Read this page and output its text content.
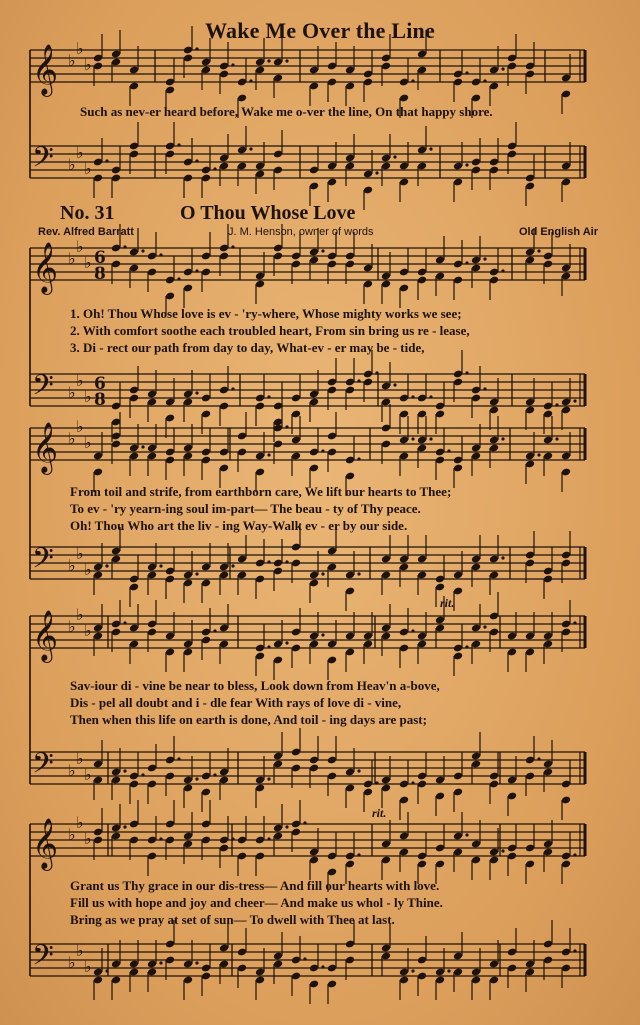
Wake Me Over the Line
Such as nev-er heard before, Wake me o-ver the line, On that happy shore.
No. 31	O Thou Whose Love
Rev. Alfred Barratt	J. M. Henson, owner of words	Old English Air
1. Oh! Thou Whose love is ev - 'ry-where, Whose mighty works we see;
2. With comfort soothe each troubled heart, From sin bring us re - lease,
3. Di - rect our path from day to day, What-ev - er may be - tide,
From toil and strife, from earthborn care, We lift our hearts to Thee;
To ev - 'ry yearn-ing soul im-part— The beau - ty of Thy peace.
Oh! Thou Who art the liv - ing Way-Walk ev - er by our side.
rit.
Sav-iour di - vine be near to bless, Look down from Heav'n a-bove,
Dis - pel all doubt and i - dle fear With rays of love di - vine,
Then when this life on earth is done, And toil - ing days are past;
rit.
Grant us Thy grace in our dis-tress— And fill our hearts with love.
Fill us with hope and joy and cheer— And make us whol - ly Thine.
Bring as we pray at set of sun— To dwell with Thee at last.
𝄞 ♭
♭
♭
𝄢 ♭
♭
♭
𝄞 ♭
♭
♭ 6
8
𝄢 ♭
♭
♭
6
8
𝄞 ♭
♭
♭
𝄢 ♭
♭
♭
𝄞 ♭
♭
♭
𝄢 ♭
♭
♭
𝄞 ♭
♭
♭
𝄢 ♭
♭
♭
